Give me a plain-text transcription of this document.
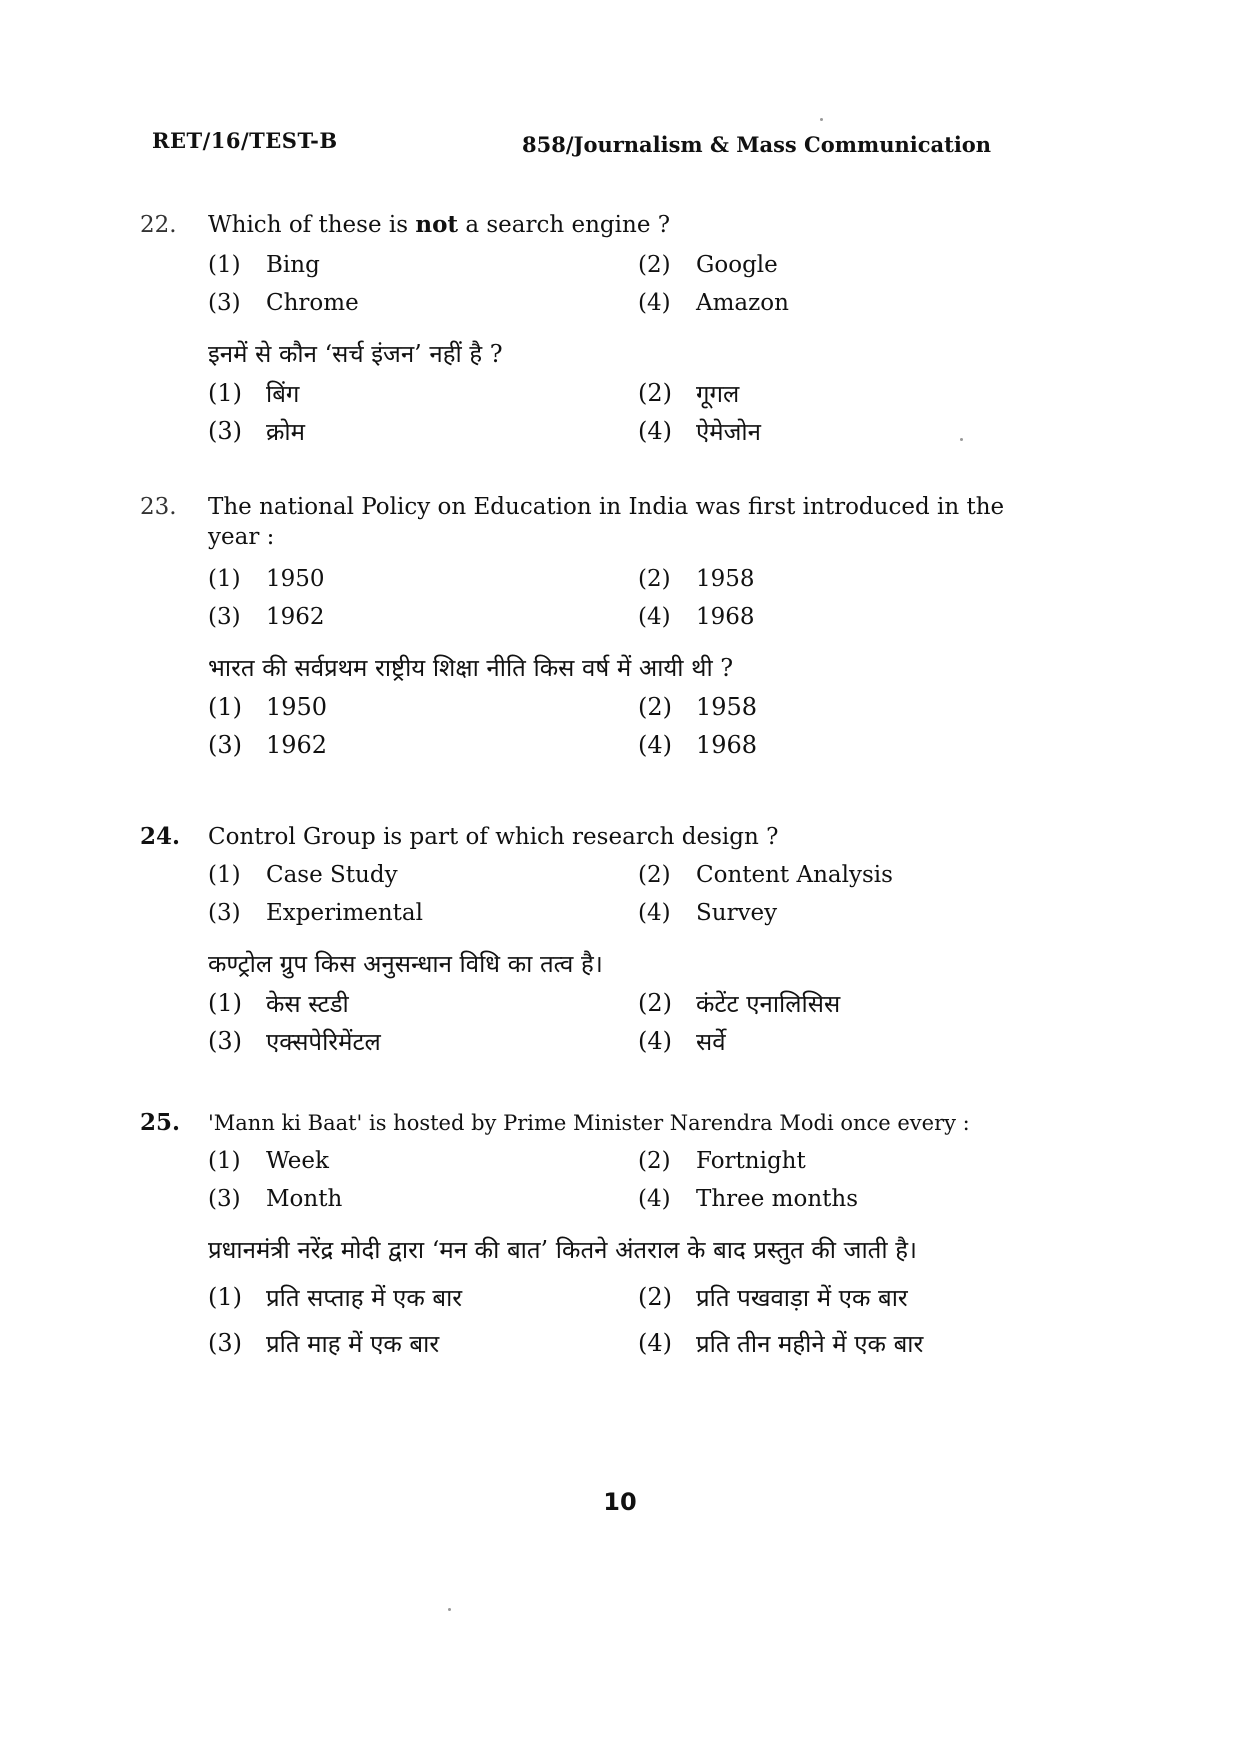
RET/16/TEST-B	858/Journalism & Mass Communication
22.	Which of these is not a search engine ?
(1)	Bing	(2)	Google
(3)	Chrome	(4)	Amazon
इनमें से कौन ‘सर्च इंजन’ नहीं है ?
(1)	बिंग	(2)	गूगल
(3)	क्रोम	(4)	ऐमेजोन
23.	The national Policy on Education in India was first introduced in the year :
(1)	1950	(2)	1958
(3)	1962	(4)	1968
भारत की सर्वप्रथम राष्ट्रीय शिक्षा नीति किस वर्ष में आयी थी ?
(1)	1950	(2)	1958
(3)	1962	(4)	1968
24.	Control Group is part of which research design ?
(1)	Case Study	(2)	Content Analysis
(3)	Experimental	(4)	Survey
कण्ट्रोल ग्रुप किस अनुसन्धान विधि का तत्व है।
(1)	केस स्टडी	(2)	कंटेंट एनालिसिस
(3)	एक्सपेरिमेंटल	(4)	सर्वे
25.	'Mann ki Baat' is hosted by Prime Minister Narendra Modi once every :
(1)	Week	(2)	Fortnight
(3)	Month	(4)	Three months
प्रधानमंत्री नरेंद्र मोदी द्वारा ‘मन की बात’ कितने अंतराल के बाद प्रस्तुत की जाती है।
(1)	प्रति सप्ताह में एक बार	(2)	प्रति पखवाड़ा में एक बार
(3)	प्रति माह में एक बार	(4)	प्रति तीन महीने में एक बार
10
